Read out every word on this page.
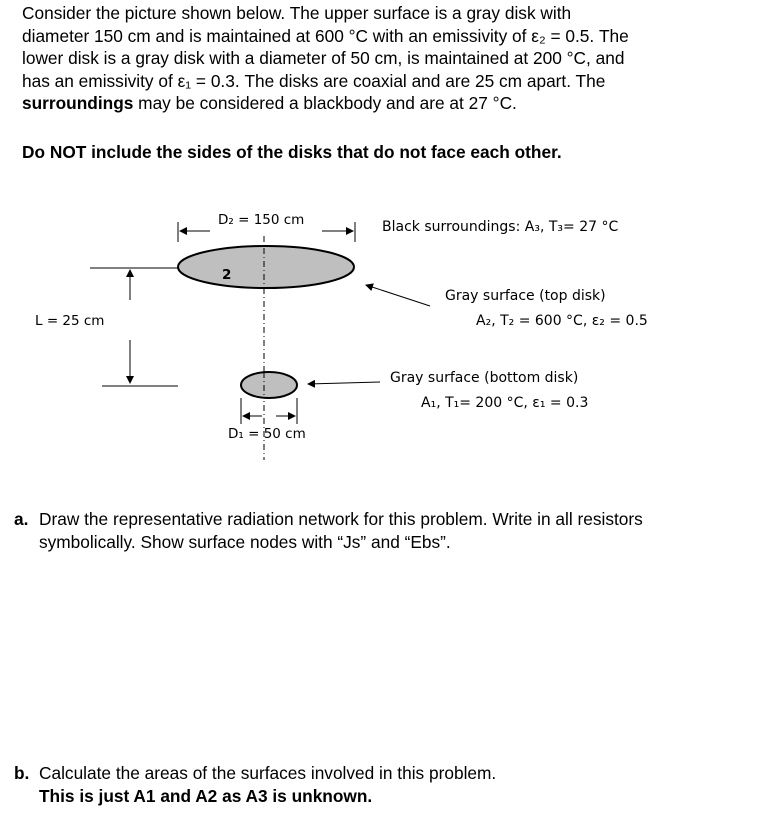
Consider the picture shown below. The upper surface is a gray disk with
diameter 150 cm and is maintained at 600 °C with an emissivity of ε₂ = 0.5. The
lower disk is a gray disk with a diameter of 50 cm, is maintained at 200 °C, and
has an emissivity of ε₁ = 0.3. The disks are coaxial and are 25 cm apart. The
surroundings may be considered a blackbody and are at 27 °C.
Do NOT include the sides of the disks that do not face each other.
D₂ = 150 cm	Black surroundings: A₃, T₃= 27 °C
2
Gray surface (top disk)
A₂, T₂ = 600 °C, ε₂ = 0.5
L = 25 cm
Gray surface (bottom disk)
A₁, T₁= 200 °C, ε₁ = 0.3
D₁ = 50 cm
a. Draw the representative radiation network for this problem. Write in all resistors
symbolically. Show surface nodes with “Js” and “Ebs”.
b. Calculate the areas of the surfaces involved in this problem.
This is just A1 and A2 as A3 is unknown.
